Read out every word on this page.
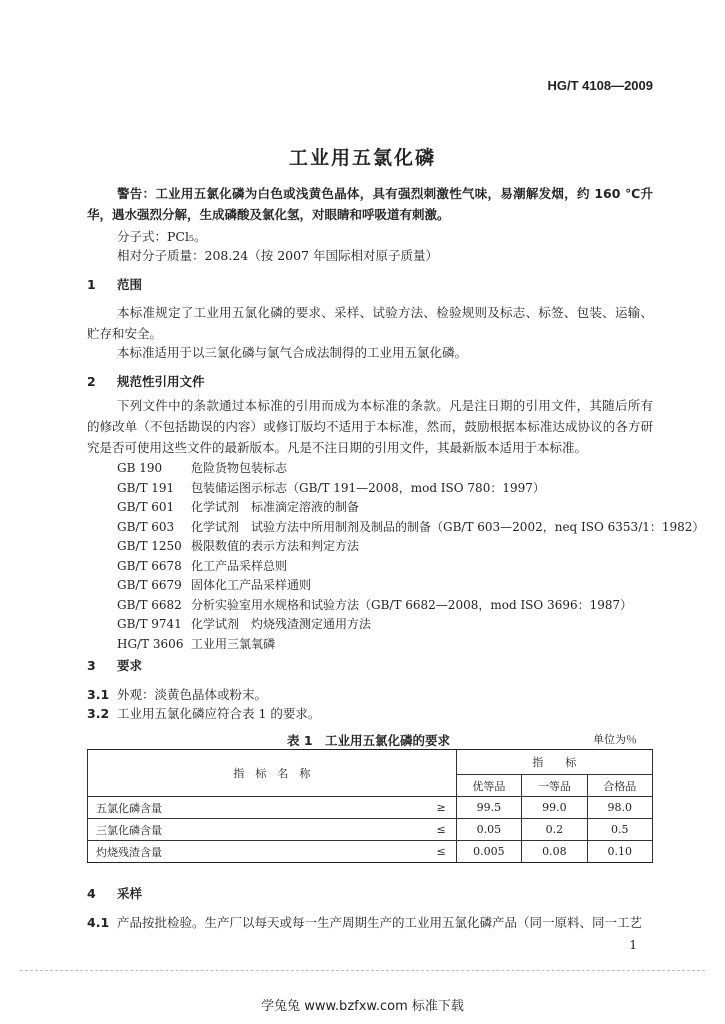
HG/T 4108—2009
工业用五氯化磷
警告：工业用五氯化磷为白色或浅黄色晶体，具有强烈刺激性气味，易潮解发烟，约 160 ℃升华，遇水强烈分解，生成磷酸及氯化氢，对眼睛和呼吸道有刺激。
分子式：PCl₅。
相对分子质量：208.24（按 2007 年国际相对原子质量）
1 范围
本标准规定了工业用五氯化磷的要求、采样、试验方法、检验规则及标志、标签、包装、运输、贮存和安全。
本标准适用于以三氯化磷与氯气合成法制得的工业用五氯化磷。
2 规范性引用文件
下列文件中的条款通过本标准的引用而成为本标准的条款。凡是注日期的引用文件，其随后所有的修改单（不包括勘误的内容）或修订版均不适用于本标准，然而，鼓励根据本标准达成协议的各方研究是否可使用这些文件的最新版本。凡是不注日期的引用文件，其最新版本适用于本标准。
GB 190 危险货物包装标志
GB/T 191 包装储运图示标志（GB/T 191—2008，mod ISO 780：1997）
GB/T 601 化学试剂　标准滴定溶液的制备
GB/T 603 化学试剂　试验方法中所用制剂及制品的制备（GB/T 603—2002，neq ISO 6353/1：1982）
GB/T 1250 极限数值的表示方法和判定方法
GB/T 6678 化工产品采样总则
GB/T 6679 固体化工产品采样通则
GB/T 6682 分析实验室用水规格和试验方法（GB/T 6682—2008，mod ISO 3696：1987）
GB/T 9741 化学试剂　灼烧残渣测定通用方法
HG/T 3606 工业用三氯氧磷
3 要求
3.1 外观：淡黄色晶体或粉末。
3.2 工业用五氯化磷应符合表 1 的要求。
表 1　工业用五氯化磷的要求	单位为％
指　标　名　称		指　　标		
		优等品	一等品	合格品
五氯化磷含量	≥	99.5	99.0	98.0
三氯化磷含量	≤	0.05	0.2	0.5
灼烧残渣含量	≤	0.005	0.08	0.10
4 采样
4.1 产品按批检验。生产厂以每天或每一生产周期生产的工业用五氯化磷产品（同一原料、同一工艺
1
学兔兔 www.bzfxw.com 标准下载
